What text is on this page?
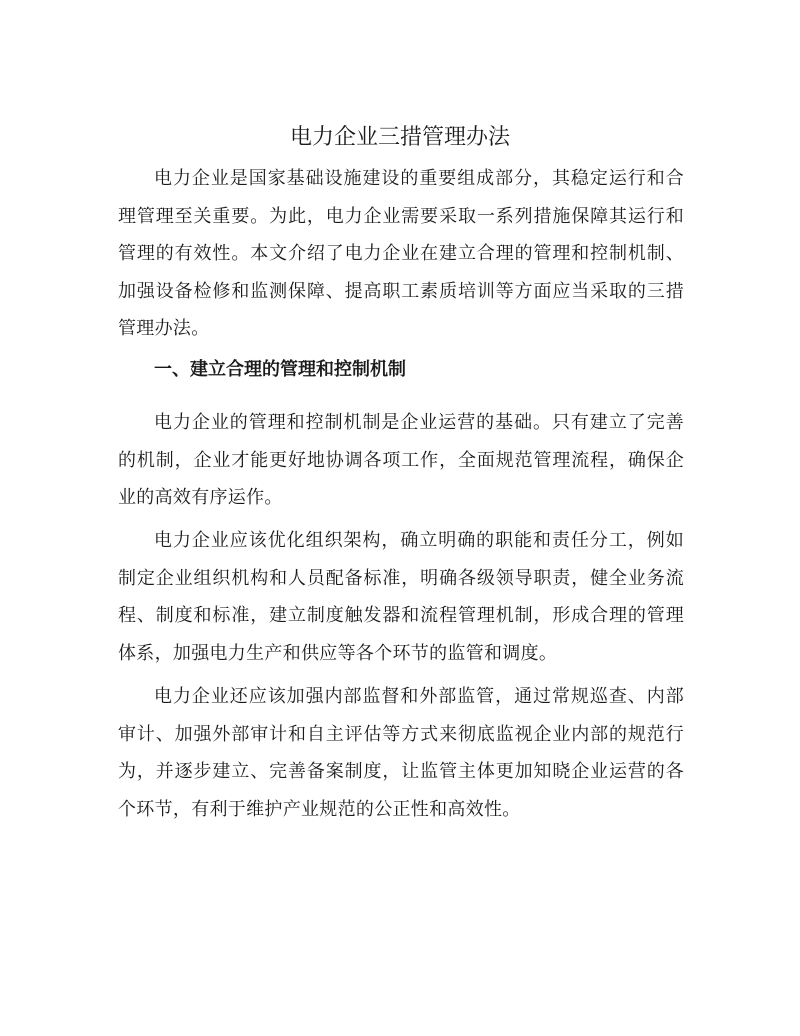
电力企业三措管理办法

电力企业是国家基础设施建设的重要组成部分，其稳定运行和合理管理至关重要。为此，电力企业需要采取一系列措施保障其运行和管理的有效性。本文介绍了电力企业在建立合理的管理和控制机制、加强设备检修和监测保障、提高职工素质培训等方面应当采取的三措管理办法。

一、建立合理的管理和控制机制

电力企业的管理和控制机制是企业运营的基础。只有建立了完善的机制，企业才能更好地协调各项工作，全面规范管理流程，确保企业的高效有序运作。

电力企业应该优化组织架构，确立明确的职能和责任分工，例如制定企业组织机构和人员配备标准，明确各级领导职责，健全业务流程、制度和标准，建立制度触发器和流程管理机制，形成合理的管理体系，加强电力生产和供应等各个环节的监管和调度。

电力企业还应该加强内部监督和外部监管，通过常规巡查、内部审计、加强外部审计和自主评估等方式来彻底监视企业内部的规范行为，并逐步建立、完善备案制度，让监管主体更加知晓企业运营的各个环节，有利于维护产业规范的公正性和高效性。
